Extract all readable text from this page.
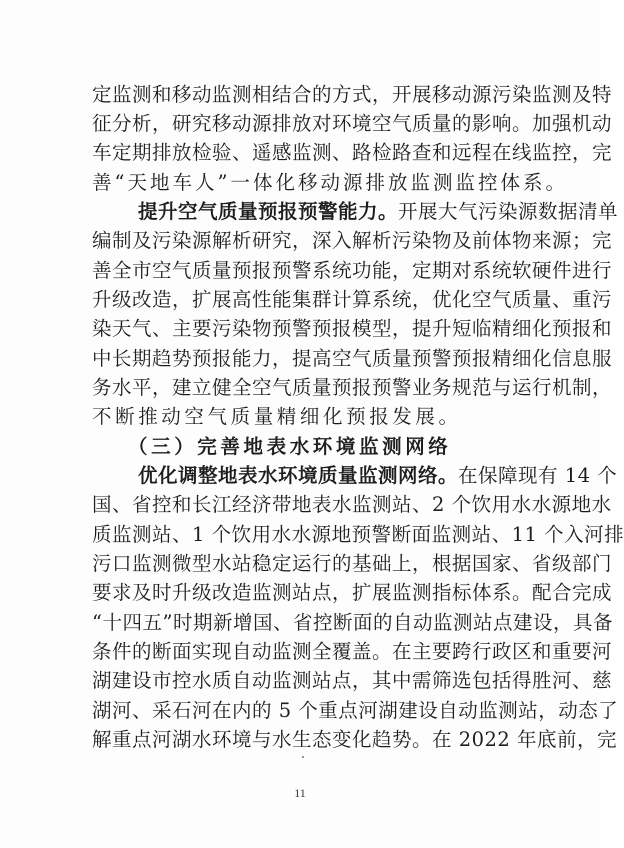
定监测和移动监测相结合的方式，开展移动源污染监测及特
征分析，研究移动源排放对环境空气质量的影响。加强机动
车定期排放检验、遥感监测、路检路查和远程在线监控，完
善“天地车人”一体化移动源排放监测监控体系。
提升空气质量预报预警能力。开展大气污染源数据清单
编制及污染源解析研究，深入解析污染物及前体物来源；完
善全市空气质量预报预警系统功能，定期对系统软硬件进行
升级改造，扩展高性能集群计算系统，优化空气质量、重污
染天气、主要污染物预警预报模型，提升短临精细化预报和
中长期趋势预报能力，提高空气质量预警预报精细化信息服
务水平，建立健全空气质量预报预警业务规范与运行机制，
不断推动空气质量精细化预报发展。
（三）完善地表水环境监测网络
优化调整地表水环境质量监测网络。在保障现有 14 个
国、省控和长江经济带地表水监测站、2 个饮用水水源地水
质监测站、1 个饮用水水源地预警断面监测站、11 个入河排
污口监测微型水站稳定运行的基础上，根据国家、省级部门
要求及时升级改造监测站点，扩展监测指标体系。配合完成
“十四五”时期新增国、省控断面的自动监测站点建设，具备
条件的断面实现自动监测全覆盖。在主要跨行政区和重要河
湖建设市控水质自动监测站点，其中需筛选包括得胜河、慈
湖河、采石河在内的 5 个重点河湖建设自动监测站，动态了
解重点河湖水环境与水生态变化趋势。在 2022 年底前，完
11
